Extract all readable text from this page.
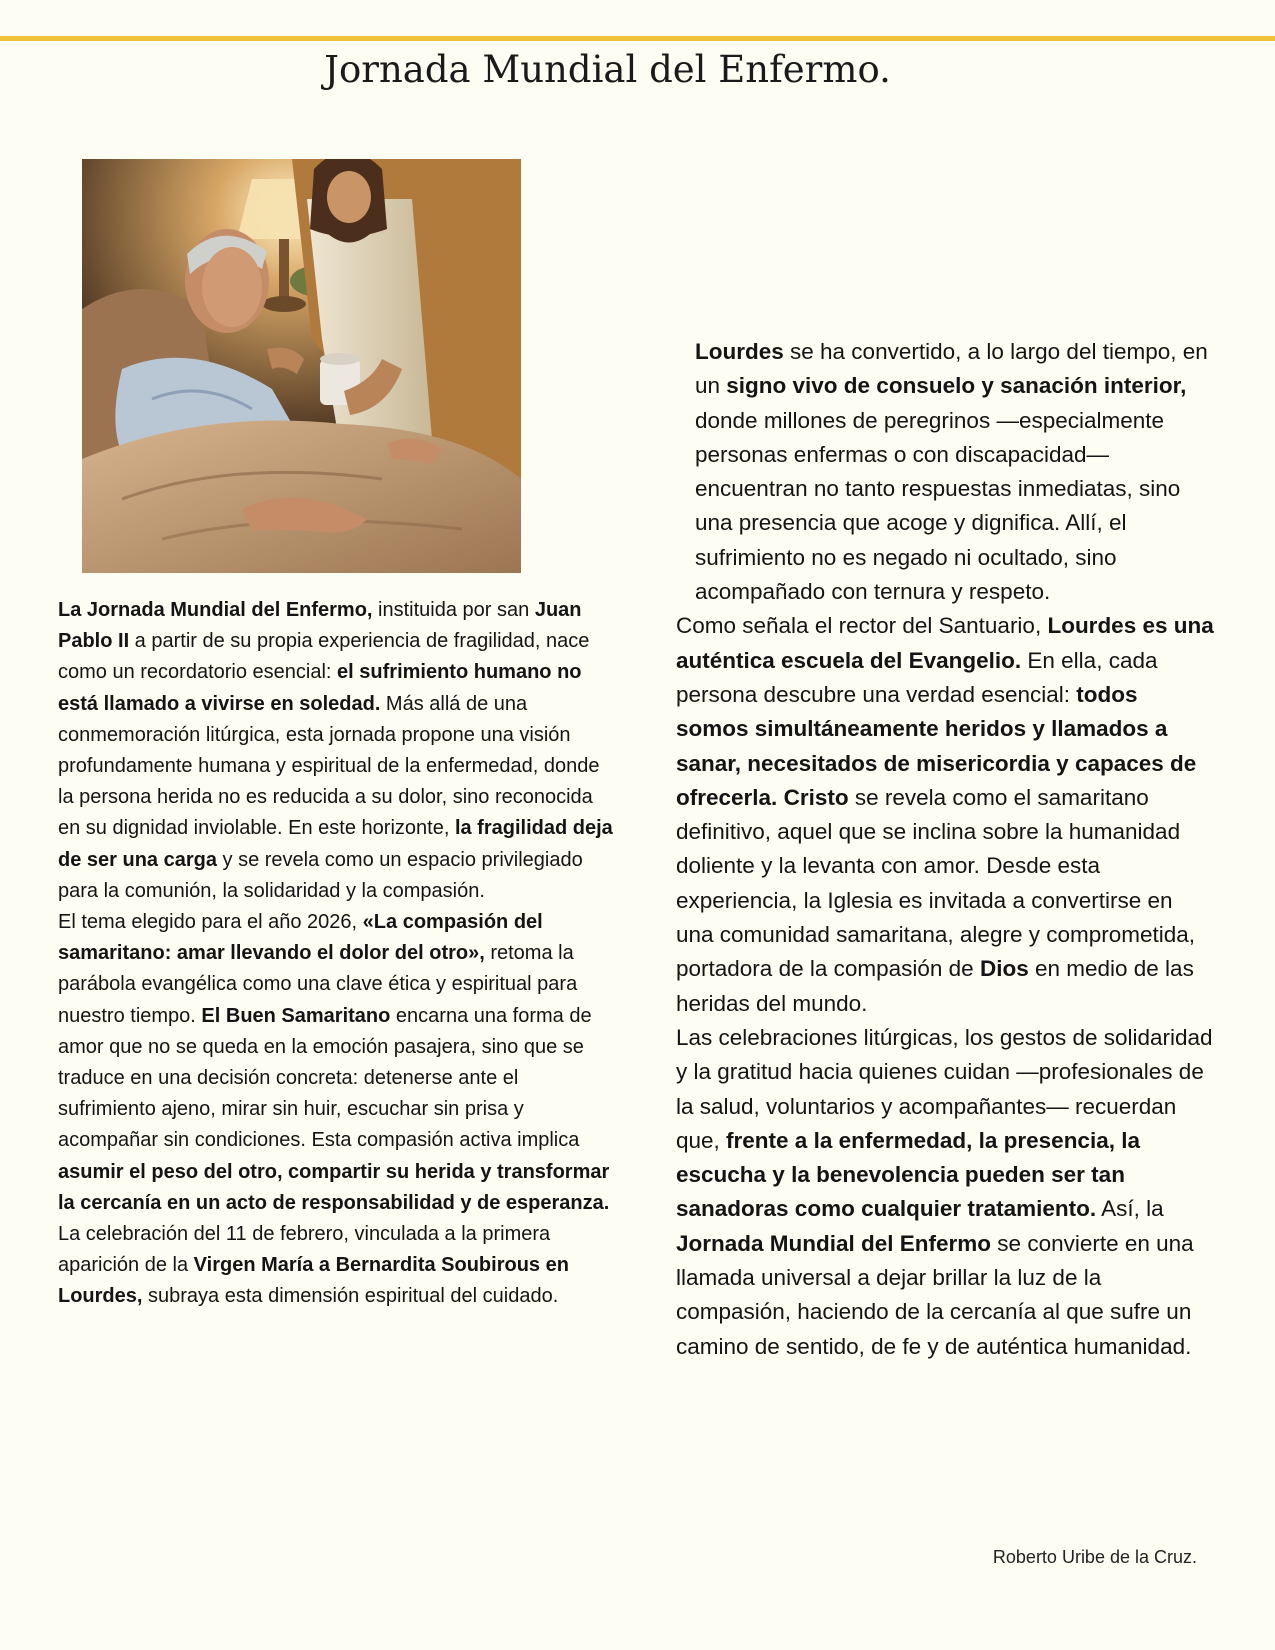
Jornada Mundial del Enfermo.

La Jornada Mundial del Enfermo, instituida por san Juan Pablo II a partir de su propia experiencia de fragilidad, nace como un recordatorio esencial: el sufrimiento humano no está llamado a vivirse en soledad. Más allá de una conmemoración litúrgica, esta jornada propone una visión profundamente humana y espiritual de la enfermedad, donde la persona herida no es reducida a su dolor, sino reconocida en su dignidad inviolable. En este horizonte, la fragilidad deja de ser una carga y se revela como un espacio privilegiado para la comunión, la solidaridad y la compasión.

El tema elegido para el año 2026, «La compasión del samaritano: amar llevando el dolor del otro», retoma la parábola evangélica como una clave ética y espiritual para nuestro tiempo. El Buen Samaritano encarna una forma de amor que no se queda en la emoción pasajera, sino que se traduce en una decisión concreta: detenerse ante el sufrimiento ajeno, mirar sin huir, escuchar sin prisa y acompañar sin condiciones. Esta compasión activa implica asumir el peso del otro, compartir su herida y transformar la cercanía en un acto de responsabilidad y de esperanza.

La celebración del 11 de febrero, vinculada a la primera aparición de la Virgen María a Bernardita Soubirous en Lourdes, subraya esta dimensión espiritual del cuidado.

Lourdes se ha convertido, a lo largo del tiempo, en un signo vivo de consuelo y sanación interior, donde millones de peregrinos —especialmente personas enfermas o con discapacidad— encuentran no tanto respuestas inmediatas, sino una presencia que acoge y dignifica. Allí, el sufrimiento no es negado ni ocultado, sino acompañado con ternura y respeto.

Como señala el rector del Santuario, Lourdes es una auténtica escuela del Evangelio. En ella, cada persona descubre una verdad esencial: todos somos simultáneamente heridos y llamados a sanar, necesitados de misericordia y capaces de ofrecerla. Cristo se revela como el samaritano definitivo, aquel que se inclina sobre la humanidad doliente y la levanta con amor. Desde esta experiencia, la Iglesia es invitada a convertirse en una comunidad samaritana, alegre y comprometida, portadora de la compasión de Dios en medio de las heridas del mundo.

Las celebraciones litúrgicas, los gestos de solidaridad y la gratitud hacia quienes cuidan —profesionales de la salud, voluntarios y acompañantes— recuerdan que, frente a la enfermedad, la presencia, la escucha y la benevolencia pueden ser tan sanadoras como cualquier tratamiento. Así, la Jornada Mundial del Enfermo se convierte en una llamada universal a dejar brillar la luz de la compasión, haciendo de la cercanía al que sufre un camino de sentido, de fe y de auténtica humanidad.

Roberto Uribe de la Cruz.
